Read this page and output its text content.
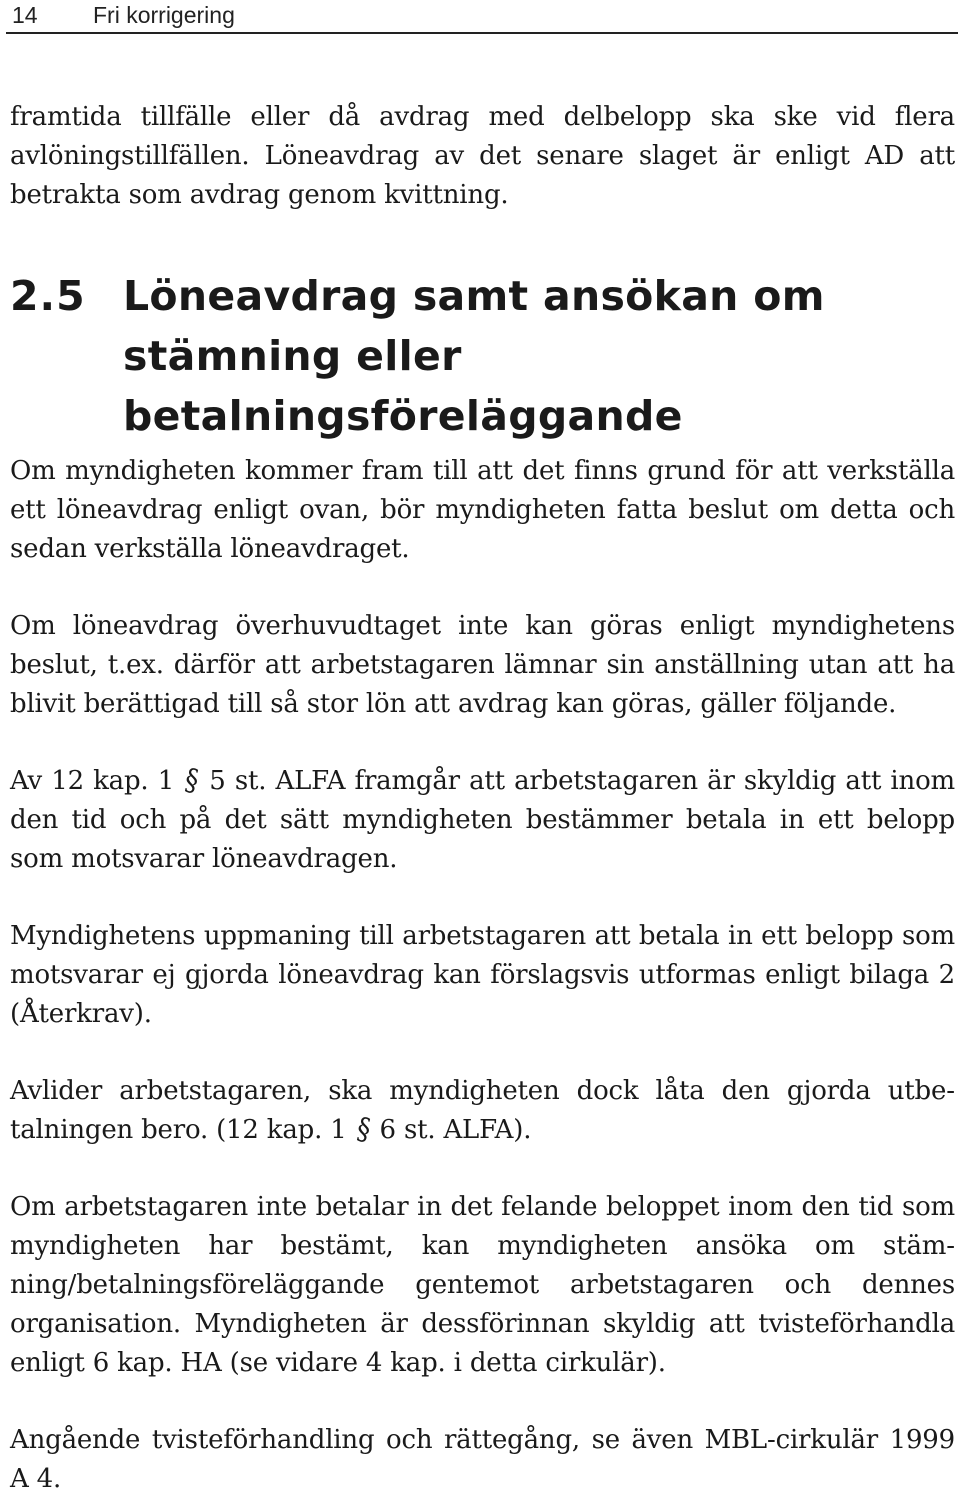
14 Fri korrigering

framtida tillfälle eller då avdrag med delbelopp ska ske vid flera avlöningstillfällen. Löneavdrag av det senare slaget är enligt AD att betrakta som avdrag genom kvittning.

2.5 Löneavdrag samt ansökan om
stämning eller betalningsföreläggande

Om myndigheten kommer fram till att det finns grund för att verkställa ett löneavdrag enligt ovan, bör myndigheten fatta beslut om detta och sedan verkställa löneavdraget.

Om löneavdrag överhuvudtaget inte kan göras enligt myndighetens beslut, t.ex. därför att arbetstagaren lämnar sin anställning utan att ha blivit berättigad till så stor lön att avdrag kan göras, gäller följande.

Av 12 kap. 1 § 5 st. ALFA framgår att arbetstagaren är skyldig att inom den tid och på det sätt myndigheten bestämmer betala in ett belopp som motsvarar löneavdragen.

Myndighetens uppmaning till arbetstagaren att betala in ett belopp som motsvarar ej gjorda löneavdrag kan förslagsvis utformas enligt bilaga 2 (Återkrav).

Avlider arbetstagaren, ska myndigheten dock låta den gjorda utbetalningen bero. (12 kap. 1 § 6 st. ALFA).

Om arbetstagaren inte betalar in det felande beloppet inom den tid som myndigheten har bestämt, kan myndigheten ansöka om stämning/betalningsföreläggande gentemot arbetstagaren och dennes organisation. Myndigheten är dessförinnan skyldig att tvisteförhandla enligt 6 kap. HA (se vidare 4 kap. i detta cirkulär).

Angående tvisteförhandling och rättegång, se även MBL-cirkulär 1999 A 4.
